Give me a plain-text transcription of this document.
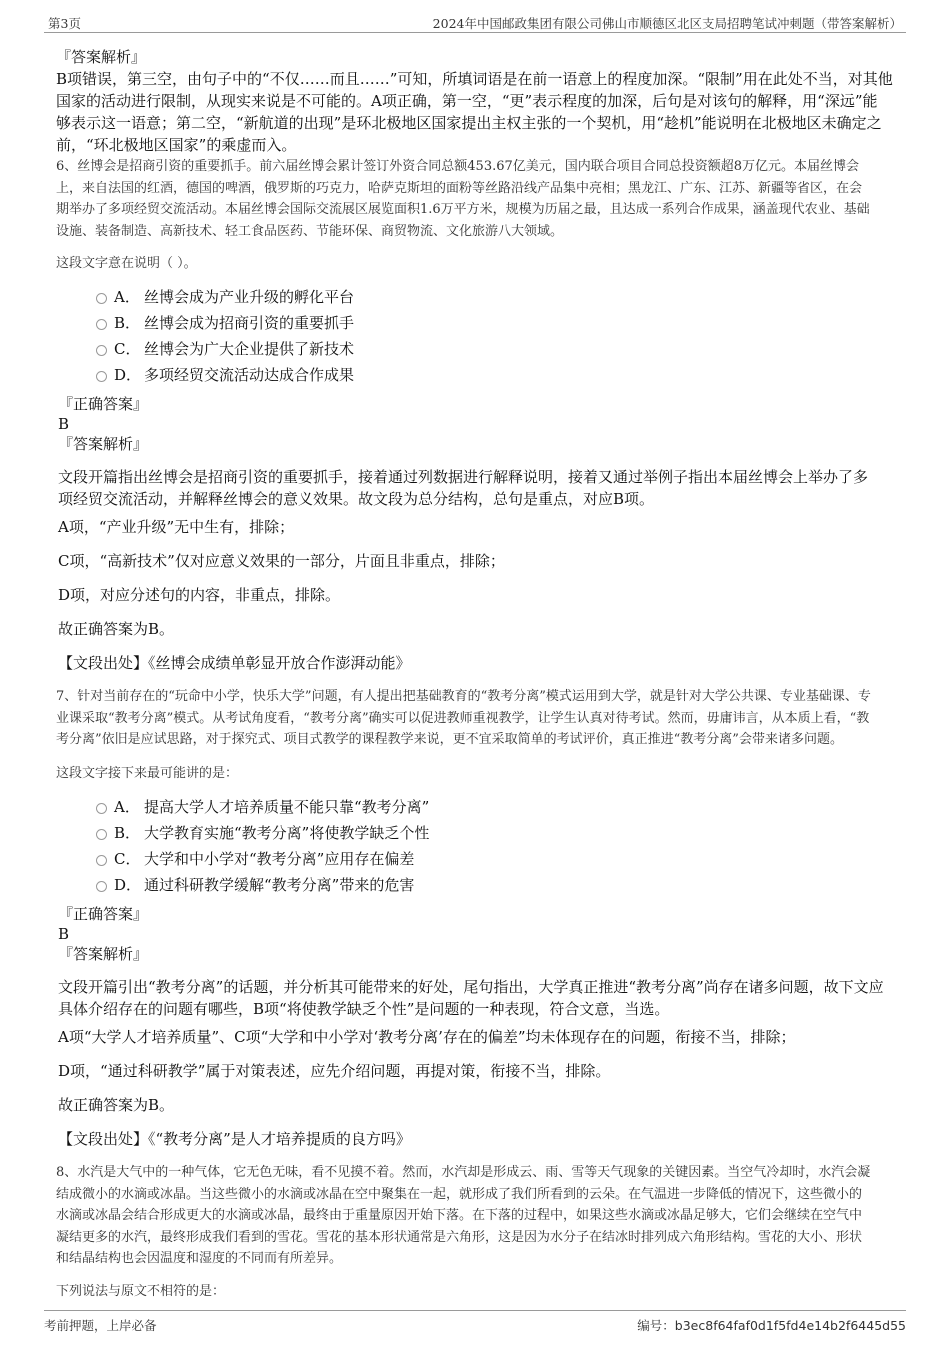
第3页	2024年中国邮政集团有限公司佛山市顺德区北区支局招聘笔试冲刺题（带答案解析）

『答案解析』

B项错误，第三空，由句子中的“不仅……而且……”可知，所填词语是在前一语意上的程度加深。“限制”用在此处不当，对其他

国家的活动进行限制，从现实来说是不可能的。A项正确，第一空，“更”表示程度的加深，后句是对该句的解释，用“深远”能

够表示这一语意；第二空，“新航道的出现”是环北极地区国家提出主权主张的一个契机，用“趁机”能说明在北极地区未确定之

前，“环北极地区国家”的乘虚而入。

6、丝博会是招商引资的重要抓手。前六届丝博会累计签订外资合同总额453.67亿美元，国内联合项目合同总投资额超8万亿元。本届丝博会

上，来自法国的红酒，德国的啤酒，俄罗斯的巧克力，哈萨克斯坦的面粉等丝路沿线产品集中亮相；黑龙江、广东、江苏、新疆等省区，在会

期举办了多项经贸交流活动。本届丝博会国际交流展区展览面积1.6万平方米，规模为历届之最，且达成一系列合作成果，涵盖现代农业、基础

设施、装备制造、高新技术、轻工食品医药、节能环保、商贸物流、文化旅游八大领域。

这段文字意在说明（ ）。

A． 丝博会成为产业升级的孵化平台
B． 丝博会成为招商引资的重要抓手
C． 丝博会为广大企业提供了新技术
D． 多项经贸交流活动达成合作成果

『正确答案』

B

『答案解析』

文段开篇指出丝博会是招商引资的重要抓手，接着通过列数据进行解释说明，接着又通过举例子指出本届丝博会上举办了多

项经贸交流活动，并解释丝博会的意义效果。故文段为总分结构，总句是重点，对应B项。

A项，“产业升级”无中生有，排除；

C项，“高新技术”仅对应意义效果的一部分，片面且非重点，排除；

D项，对应分述句的内容，非重点，排除。

故正确答案为B。

【文段出处】《丝博会成绩单彰显开放合作澎湃动能》

7、针对当前存在的“玩命中小学，快乐大学”问题，有人提出把基础教育的“教考分离”模式运用到大学，就是针对大学公共课、专业基础课、专

业课采取“教考分离”模式。从考试角度看，“教考分离”确实可以促进教师重视教学，让学生认真对待考试。然而，毋庸讳言，从本质上看，“教

考分离”依旧是应试思路，对于探究式、项目式教学的课程教学来说，更不宜采取简单的考试评价，真正推进“教考分离”会带来诸多问题。

这段文字接下来最可能讲的是：

A． 提高大学人才培养质量不能只靠“教考分离”
B． 大学教育实施“教考分离”将使教学缺乏个性
C． 大学和中小学对“教考分离”应用存在偏差
D． 通过科研教学缓解“教考分离”带来的危害

『正确答案』

B

『答案解析』

文段开篇引出“教考分离”的话题，并分析其可能带来的好处，尾句指出，大学真正推进“教考分离”尚存在诸多问题，故下文应

具体介绍存在的问题有哪些，B项“将使教学缺乏个性”是问题的一种表现，符合文意，当选。

A项“大学人才培养质量”、C项“大学和中小学对‘教考分离’存在的偏差”均未体现存在的问题，衔接不当，排除；

D项，“通过科研教学”属于对策表述，应先介绍问题，再提对策，衔接不当，排除。

故正确答案为B。

【文段出处】《“教考分离”是人才培养提质的良方吗》

8、水汽是大气中的一种气体，它无色无味，看不见摸不着。然而，水汽却是形成云、雨、雪等天气现象的关键因素。当空气冷却时，水汽会凝

结成微小的水滴或冰晶。当这些微小的水滴或冰晶在空中聚集在一起，就形成了我们所看到的云朵。在气温进一步降低的情况下，这些微小的

水滴或冰晶会结合形成更大的水滴或冰晶，最终由于重量原因开始下落。在下落的过程中，如果这些水滴或冰晶足够大，它们会继续在空气中

凝结更多的水汽，最终形成我们看到的雪花。雪花的基本形状通常是六角形，这是因为水分子在结冰时排列成六角形结构。雪花的大小、形状

和结晶结构也会因温度和湿度的不同而有所差异。

下列说法与原文不相符的是：

考前押题，上岸必备	编号：b3ec8f64faf0d1f5fd4e14b2f6445d55
